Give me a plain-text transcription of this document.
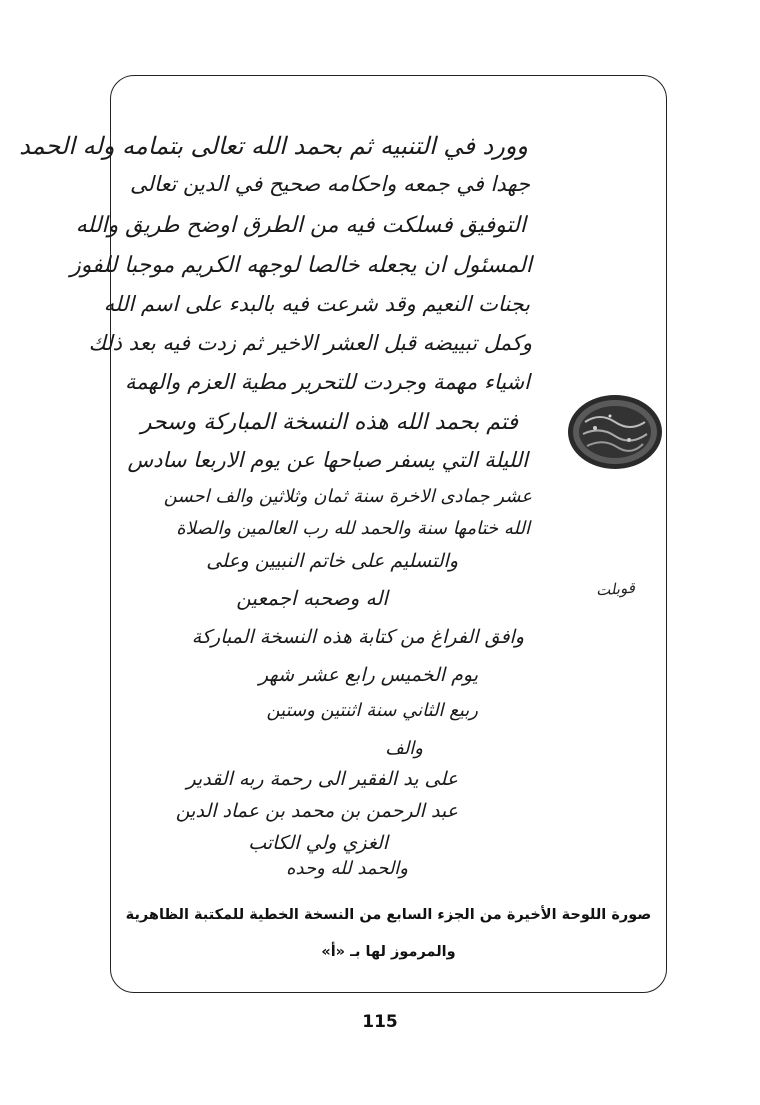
وورد في التنبيه ثم بحمد الله تعالى بتمامه وله الحمد
جهدا في جمعه واحكامه صحيح في الدين تعالى
التوفيق فسلكت فيه من الطرق اوضح طريق والله
المسئول ان يجعله خالصا لوجهه الكريم موجبا للفوز
بجنات النعيم وقد شرعت فيه بالبدء على اسم الله
وكمل تبييضه قبل العشر الاخير ثم زدت فيه بعد ذلك
اشياء مهمة وجردت للتحرير مطية العزم والهمة
فتم بحمد الله هذه النسخة المباركة وسحر
الليلة التي يسفر صباحها عن يوم الاربعا سادس
عشر جمادى الاخرة سنة ثمان وثلاثين والف احسن
الله ختامها سنة والحمد لله رب العالمين والصلاة
والتسليم على خاتم النبيين وعلى
اله وصحبه اجمعين
وافق الفراغ من كتابة هذه النسخة المباركة
يوم الخميس رابع عشر شهر
ربيع الثاني سنة اثنتين وستين
والف
على يد الفقير الى رحمة ربه القدير
عبد الرحمن بن محمد بن عماد الدين
الغزي ولي الكاتب
والحمد لله وحده
قوبلت
صورة اللوحة الأخيرة من الجزء السابع من النسخة الخطية للمكتبة الظاهرية
والمرموز لها بـ «أ»
115
